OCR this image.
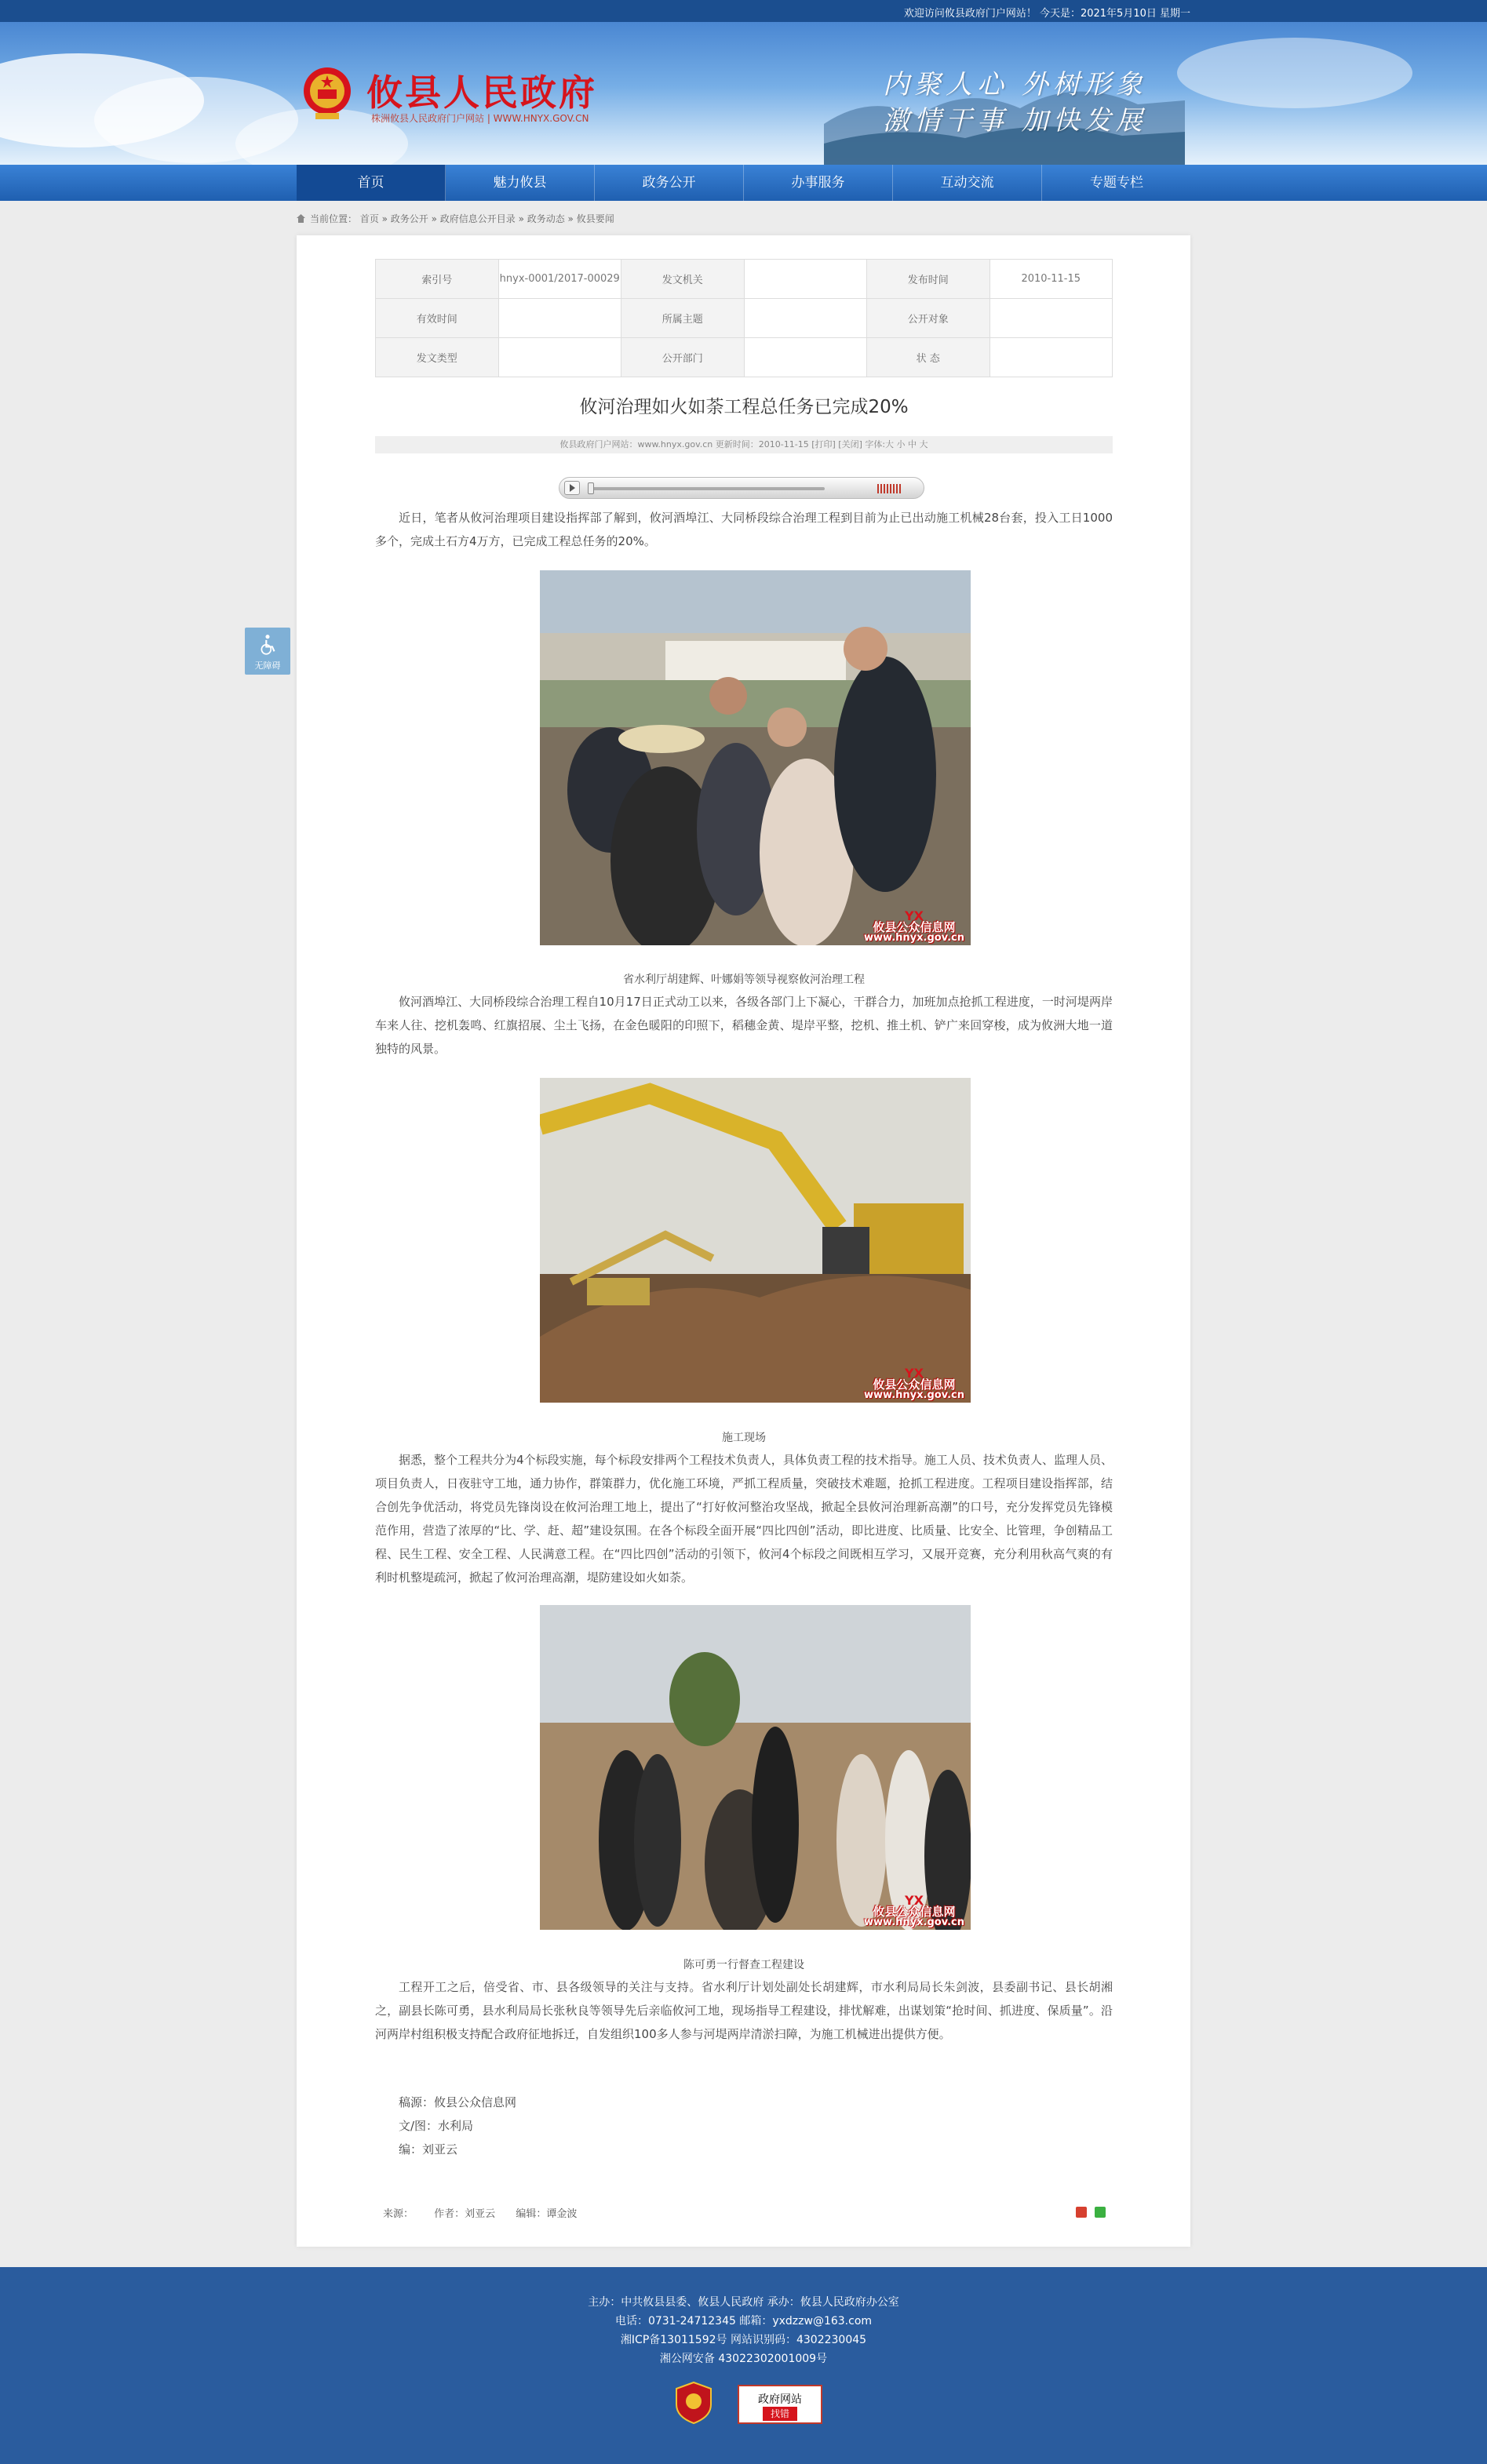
欢迎访问攸县政府门户网站！ 今天是：2021年5月10日 星期一
攸县人民政府
株洲攸县人民政府门户网站 | WWW.HNYX.GOV.CN
内聚人心 外树形象
激情干事 加快发展
首页	魅力攸县	政务公开	办事服务	互动交流	专题专栏
当前位置： 首页 » 政务公开 » 政府信息公开目录 » 政务动态 » 攸县要闻
无障碍
索引号	hnyx-0001/2017-00029	发文机关		发布时间	2010-11-15
有效时间		所属主题		公开对象	
发文类型		公开部门		状 态	
攸河治理如火如荼工程总任务已完成20%
攸县政府门户网站：www.hnyx.gov.cn 更新时间：2010-11-15 [打印] [关闭] 字体:大 小 中 大

近日，笔者从攸河治理项目建设指挥部了解到，攸河酒埠江、大同桥段综合治理工程到目前为止已出动施工机械28台套，投入工日1000多个，完成土石方4万方，已完成工程总任务的20%。

YX
攸县公众信息网
www.hnyx.gov.cn
省水利厅胡建辉、叶娜娟等领导视察攸河治理工程

攸河酒埠江、大同桥段综合治理工程自10月17日正式动工以来，各级各部门上下凝心，干群合力，加班加点抢抓工程进度，一时河堤两岸车来人往、挖机轰鸣、红旗招展、尘土飞扬，在金色暖阳的印照下，稻穗金黄、堤岸平整，挖机、推土机、铲广来回穿梭，成为攸洲大地一道独特的风景。

YX
攸县公众信息网
www.hnyx.gov.cn
施工现场

据悉，整个工程共分为4个标段实施，每个标段安排两个工程技术负责人，具体负责工程的技术指导。施工人员、技术负责人、监理人员、项目负责人，日夜驻守工地，通力协作，群策群力，优化施工环境，严抓工程质量，突破技术难题，抢抓工程进度。工程项目建设指挥部，结合创先争优活动，将党员先锋岗设在攸河治理工地上，提出了“打好攸河整治攻坚战，掀起全县攸河治理新高潮”的口号，充分发挥党员先锋模范作用，营造了浓厚的“比、学、赶、超”建设氛围。在各个标段全面开展“四比四创”活动，即比进度、比质量、比安全、比管理，争创精品工程、民生工程、安全工程、人民满意工程。在“四比四创”活动的引领下，攸河4个标段之间既相互学习，又展开竞赛，充分利用秋高气爽的有利时机整堤疏河，掀起了攸河治理高潮，堤防建设如火如荼。

YX
攸县公众信息网
www.hnyx.gov.cn
陈可勇一行督查工程建设

工程开工之后，倍受省、市、县各级领导的关注与支持。省水利厅计划处副处长胡建辉，市水利局局长朱剑波，县委副书记、县长胡湘之，副县长陈可勇，县水利局局长张秋良等领导先后亲临攸河工地，现场指导工程建设，排忧解难，出谋划策“抢时间、抓进度、保质量”。沿河两岸村组积极支持配合政府征地拆迁，自发组织100多人参与河堤两岸清淤扫障，为施工机械进出提供方便。

稿源：攸县公众信息网
文/图：水利局
编：刘亚云
来源： 作者：刘亚云 编辑：谭金波
主办：中共攸县县委、攸县人民政府 承办：攸县人民政府办公室
电话：0731-24712345 邮箱：yxdzzw@163.com
湘ICP备13011592号 网站识别码：4302230045
湘公网安备 43022302001009号
政府网站
找错
